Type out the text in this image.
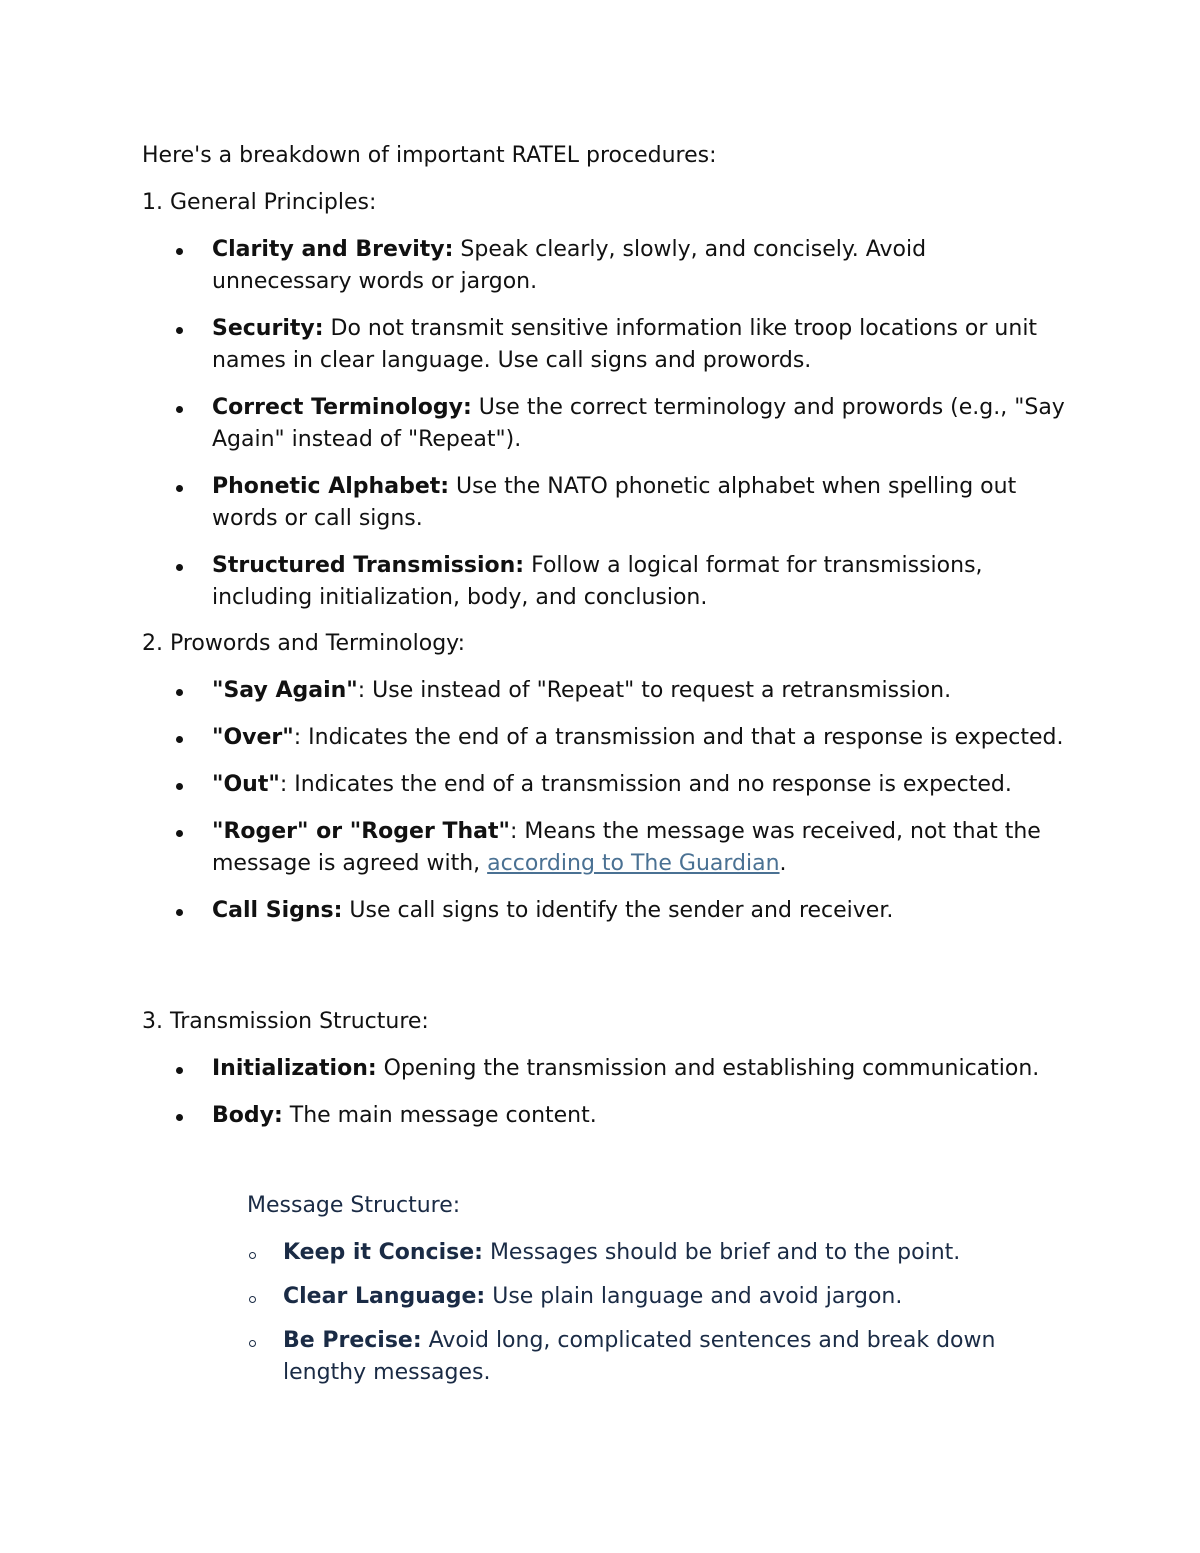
Here's a breakdown of important RATEL procedures:
1. General Principles:
Clarity and Brevity: Speak clearly, slowly, and concisely. Avoid unnecessary words or jargon.
Security: Do not transmit sensitive information like troop locations or unit names in clear language. Use call signs and prowords.
Correct Terminology: Use the correct terminology and prowords (e.g., "Say Again" instead of "Repeat").
Phonetic Alphabet: Use the NATO phonetic alphabet when spelling out words or call signs.
Structured Transmission: Follow a logical format for transmissions, including initialization, body, and conclusion.
2. Prowords and Terminology:
"Say Again": Use instead of "Repeat" to request a retransmission.
"Over": Indicates the end of a transmission and that a response is expected.
"Out": Indicates the end of a transmission and no response is expected.
"Roger" or "Roger That": Means the message was received, not that the message is agreed with, according to The Guardian.
Call Signs: Use call signs to identify the sender and receiver.
3. Transmission Structure:
Initialization: Opening the transmission and establishing communication.
Body: The main message content.
Message Structure:
Keep it Concise: Messages should be brief and to the point.
Clear Language: Use plain language and avoid jargon.
Be Precise: Avoid long, complicated sentences and break down lengthy messages.
